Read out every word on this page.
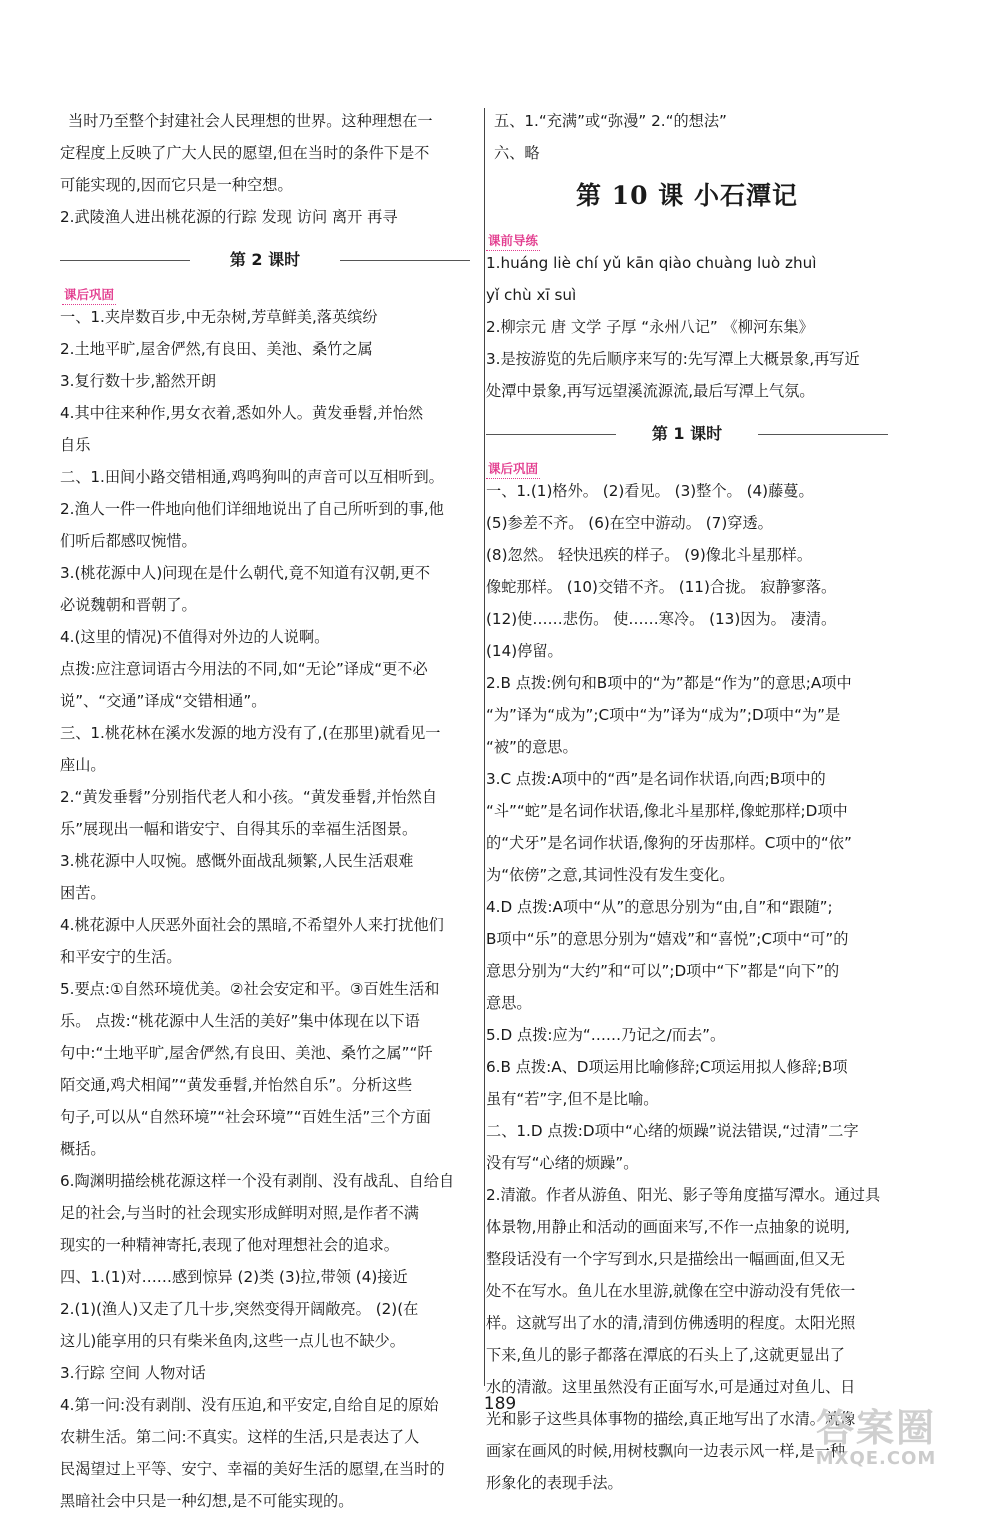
当时乃至整个封建社会人民理想的世界。这种理想在一
定程度上反映了广大人民的愿望,但在当时的条件下是不
可能实现的,因而它只是一种空想。
2.武陵渔人进出桃花源的行踪 发现 访问 离开 再寻
第 2 课时
课后巩固
一、1.夹岸数百步,中无杂树,芳草鲜美,落英缤纷
2.土地平旷,屋舍俨然,有良田、美池、桑竹之属
3.复行数十步,豁然开朗
4.其中往来种作,男女衣着,悉如外人。黄发垂髫,并怡然
自乐
二、1.田间小路交错相通,鸡鸣狗叫的声音可以互相听到。
2.渔人一件一件地向他们详细地说出了自己所听到的事,他
们听后都感叹惋惜。
3.(桃花源中人)问现在是什么朝代,竟不知道有汉朝,更不
必说魏朝和晋朝了。
4.(这里的情况)不值得对外边的人说啊。
点拨:应注意词语古今用法的不同,如“无论”译成“更不必
说”、“交通”译成“交错相通”。
三、1.桃花林在溪水发源的地方没有了,(在那里)就看见一
座山。
2.“黄发垂髫”分别指代老人和小孩。“黄发垂髫,并怡然自
乐”展现出一幅和谐安宁、自得其乐的幸福生活图景。
3.桃花源中人叹惋。感慨外面战乱频繁,人民生活艰难
困苦。
4.桃花源中人厌恶外面社会的黑暗,不希望外人来打扰他们
和平安宁的生活。
5.要点:①自然环境优美。②社会安定和平。③百姓生活和
乐。 点拨:“桃花源中人生活的美好”集中体现在以下语
句中:“土地平旷,屋舍俨然,有良田、美池、桑竹之属”“阡
陌交通,鸡犬相闻”“黄发垂髫,并怡然自乐”。分析这些
句子,可以从“自然环境”“社会环境”“百姓生活”三个方面
概括。
6.陶渊明描绘桃花源这样一个没有剥削、没有战乱、自给自
足的社会,与当时的社会现实形成鲜明对照,是作者不满
现实的一种精神寄托,表现了他对理想社会的追求。
四、1.(1)对……感到惊异 (2)类 (3)拉,带领 (4)接近
2.(1)(渔人)又走了几十步,突然变得开阔敞亮。 (2)(在
这儿)能享用的只有柴米鱼肉,这些一点儿也不缺少。
3.行踪 空间 人物对话
4.第一问:没有剥削、没有压迫,和平安定,自给自足的原始
农耕生活。第二问:不真实。这样的生活,只是表达了人
民渴望过上平等、安宁、幸福的美好生活的愿望,在当时的
黑暗社会中只是一种幻想,是不可能实现的。
五、1.“充满”或“弥漫” 2.“的想法”
六、略
第 10 课 小石潭记
课前导练
1.huáng liè chí yǔ kān qiào chuàng luò zhuì
yǐ chù xī suì
2.柳宗元 唐 文学 子厚 “永州八记” 《柳河东集》
3.是按游览的先后顺序来写的:先写潭上大概景象,再写近
处潭中景象,再写远望溪流源流,最后写潭上气氛。
第 1 课时
课后巩固
一、1.(1)格外。 (2)看见。 (3)整个。 (4)藤蔓。
(5)参差不齐。 (6)在空中游动。 (7)穿透。
(8)忽然。 轻快迅疾的样子。 (9)像北斗星那样。
像蛇那样。 (10)交错不齐。 (11)合拢。 寂静寥落。
(12)使……悲伤。 使……寒冷。 (13)因为。 凄清。
(14)停留。
2.B 点拨:例句和B项中的“为”都是“作为”的意思;A项中
“为”译为“成为”;C项中“为”译为“成为”;D项中“为”是
“被”的意思。
3.C 点拨:A项中的“西”是名词作状语,向西;B项中的
“斗”“蛇”是名词作状语,像北斗星那样,像蛇那样;D项中
的“犬牙”是名词作状语,像狗的牙齿那样。C项中的“依”
为“依傍”之意,其词性没有发生变化。
4.D 点拨:A项中“从”的意思分别为“由,自”和“跟随”;
B项中“乐”的意思分别为“嬉戏”和“喜悦”;C项中“可”的
意思分别为“大约”和“可以”;D项中“下”都是“向下”的
意思。
5.D 点拨:应为“……乃记之/而去”。
6.B 点拨:A、D项运用比喻修辞;C项运用拟人修辞;B项
虽有“若”字,但不是比喻。
二、1.D 点拨:D项中“心绪的烦躁”说法错误,“过清”二字
没有写“心绪的烦躁”。
2.清澈。作者从游鱼、阳光、影子等角度描写潭水。通过具
体景物,用静止和活动的画面来写,不作一点抽象的说明,
整段话没有一个字写到水,只是描绘出一幅画面,但又无
处不在写水。鱼儿在水里游,就像在空中游动没有凭依一
样。这就写出了水的清,清到仿佛透明的程度。太阳光照
下来,鱼儿的影子都落在潭底的石头上了,这就更显出了
水的清澈。这里虽然没有正面写水,可是通过对鱼儿、日
光和影子这些具体事物的描绘,真正地写出了水清。就像
画家在画风的时候,用树枝飘向一边表示风一样,是一种
形象化的表现手法。
189
答案圈
MXQE.COM
